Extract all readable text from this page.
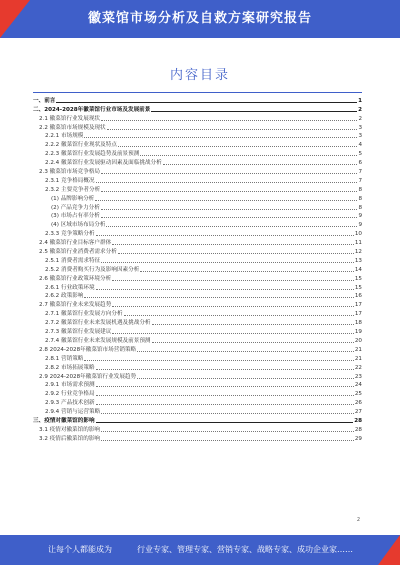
徽菜馆市场分析及自救方案研究报告
内容目录
一、前言	1
二、2024-2028年徽菜馆行业市场及发展前景	2
2.1 徽菜馆行业发展现状	2
2.2 徽菜馆市场规模及现状	3
2.2.1 市场规模	3
2.2.2 徽菜馆行业现状及特点	4
2.2.3 徽菜馆行业发展趋势及前景预测	5
2.2.4 徽菜馆行业发展驱动因素及面临挑战分析	6
2.3 徽菜馆市场竞争格局	7
2.3.1 竞争格局概况	7
2.3.2 主要竞争者分析	8
(1) 品牌影响分析	8
(2) 产品竞争力分析	8
(3) 市场占有率分析	9
(4) 区域市场布局分析	9
2.3.3 竞争策略分析	10
2.4 徽菜馆行业目标客户群体	11
2.5 徽菜馆行业消费者需求分析	12
2.5.1 消费者需求特征	13
2.5.2 消费者购买行为及影响因素分析	14
2.6 徽菜馆行业政策环境分析	15
2.6.1 行业政策环境	15
2.6.2 政策影响	16
2.7 徽菜馆行业未来发展趋势	17
2.7.1 徽菜馆行业发展方向分析	17
2.7.2 徽菜馆行业未来发展机遇及挑战分析	18
2.7.3 徽菜馆行业发展建议	19
2.7.4 徽菜馆行业未来发展规模及前景预测	20
2.8 2024-2028年徽菜馆市场营销策略	21
2.8.1 营销策略	21
2.8.2 市场拓展策略	22
2.9 2024-2028年徽菜馆行业发展趋势	23
2.9.1 市场需求预测	24
2.9.2 行业竞争格局	25
2.9.3 产品技术创新	26
2.9.4 营销与运营策略	27
三、疫情对徽菜馆的影响	28
3.1 疫情对徽菜馆的影响	28
3.2 疫情后徽菜馆的影响	29
2
让每个人都能成为	行业专家、管理专家、营销专家、战略专家、成功企业家……
